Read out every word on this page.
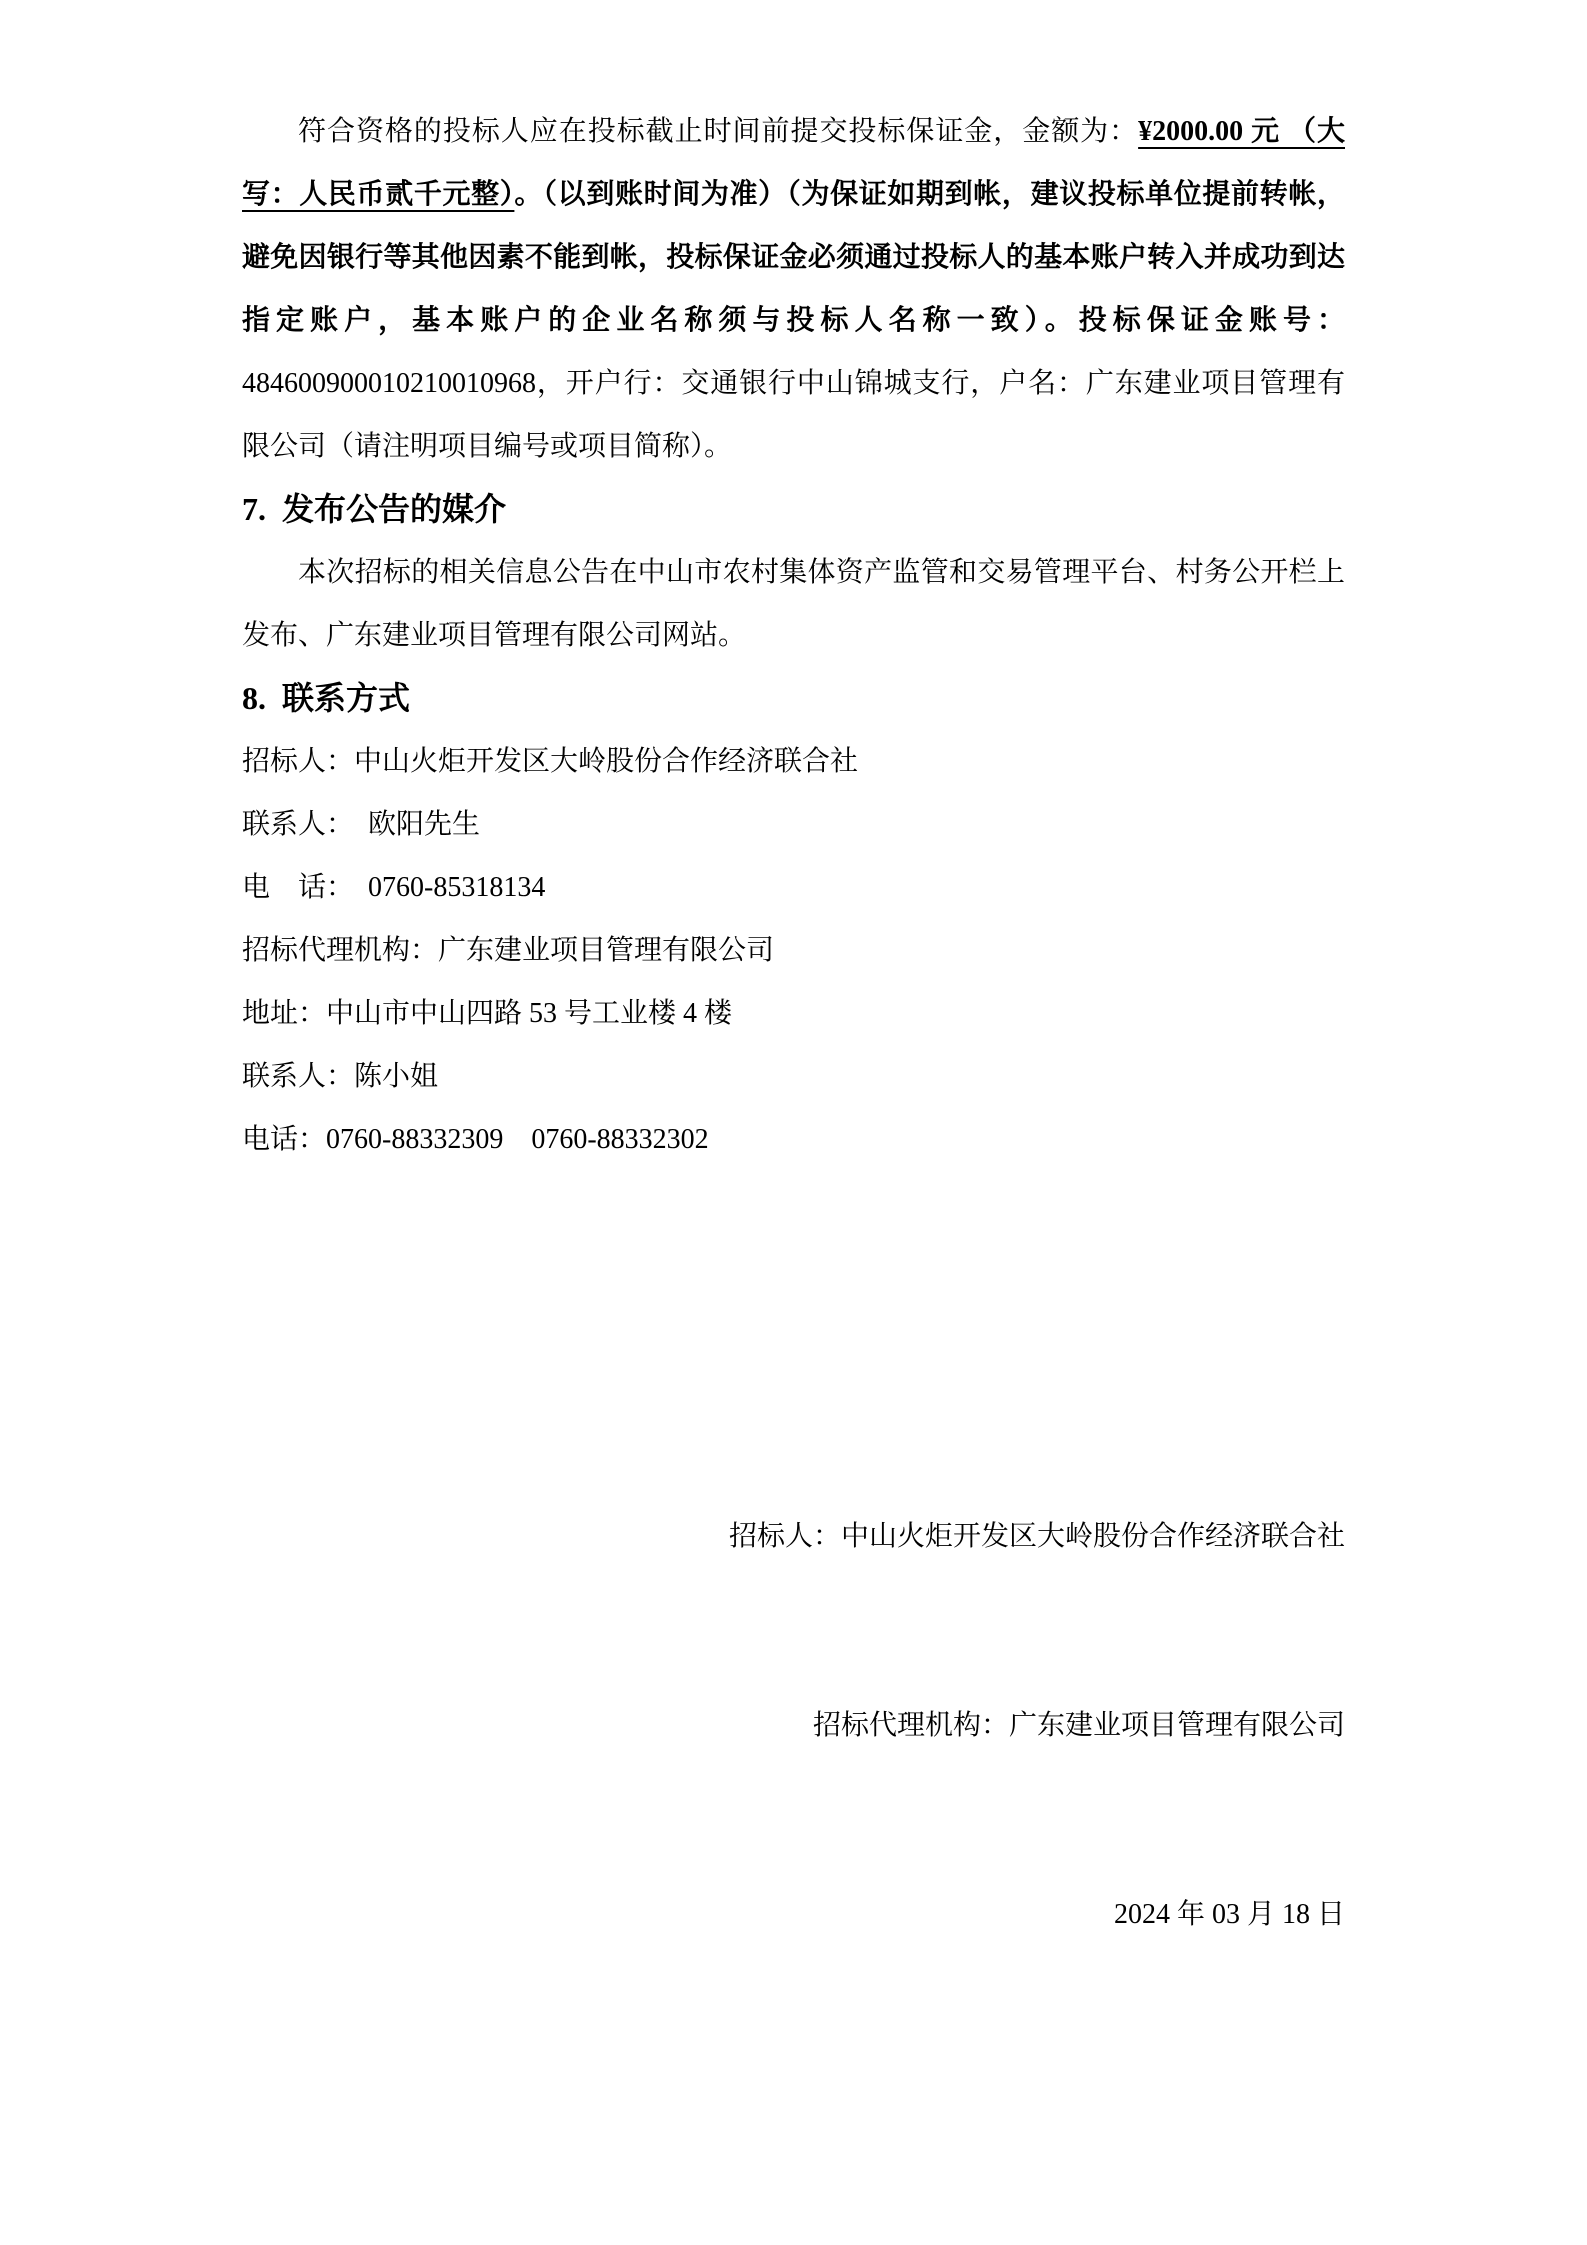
符合资格的投标人应在投标截止时间前提交投标保证金，金额为：¥2000.00 元 （大写：人民币贰千元整）。（以到账时间为准）（为保证如期到帐，建议投标单位提前转帐，避免因银行等其他因素不能到帐，投标保证金必须通过投标人的基本账户转入并成功到达指定账户，基本账户的企业名称须与投标人名称一致）。投标保证金账号：484600900010210010968，开户行：交通银行中山锦城支行，户名：广东建业项目管理有限公司（请注明项目编号或项目简称）。

7. 发布公告的媒介

本次招标的相关信息公告在中山市农村集体资产监管和交易管理平台、村务公开栏上发布、广东建业项目管理有限公司网站。

8. 联系方式

招标人：中山火炬开发区大岭股份合作经济联合社

联系人：　欧阳先生

电　话：　0760-85318134

招标代理机构：广东建业项目管理有限公司

地址：中山市中山四路 53 号工业楼 4 楼

联系人：陈小姐

电话：0760-88332309　0760-88332302

招标人：中山火炬开发区大岭股份合作经济联合社

招标代理机构：广东建业项目管理有限公司

2024 年 03 月 18 日
